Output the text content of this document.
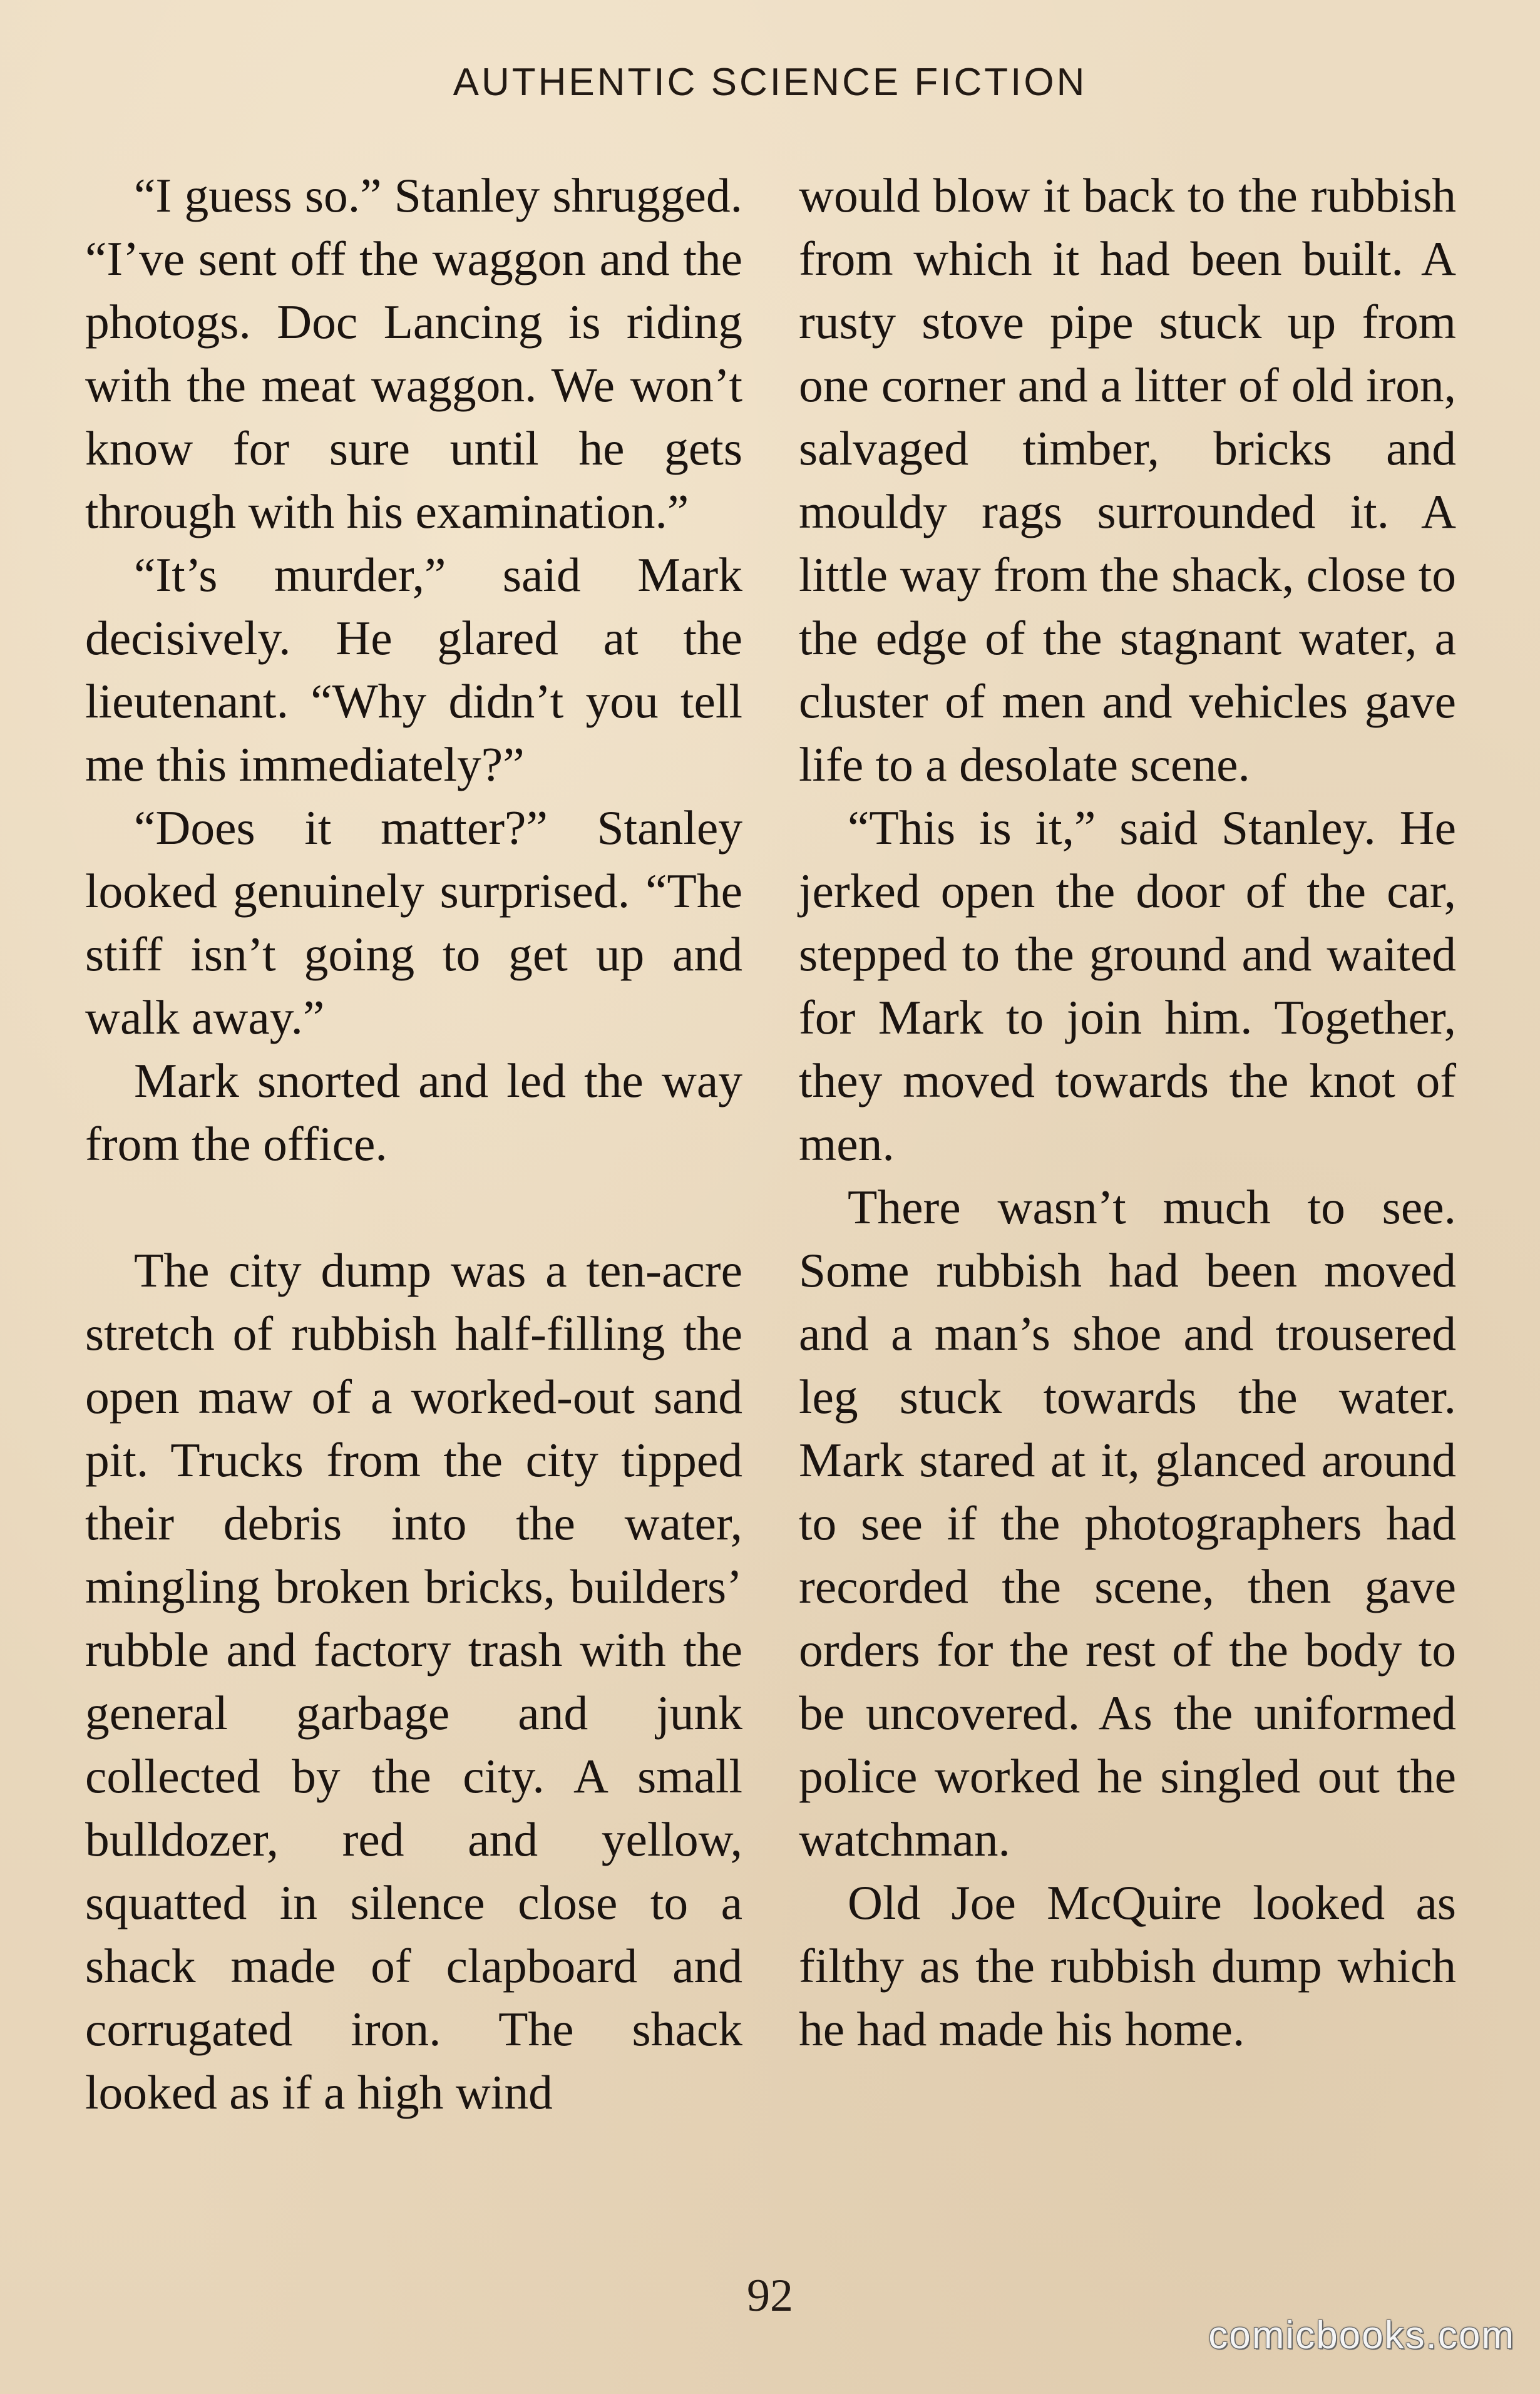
AUTHENTIC SCIENCE FICTION

“I guess so.” Stanley shrugged. “I’ve sent off the waggon and the photogs. Doc Lancing is riding with the meat waggon. We won’t know for sure until he gets through with his examination.”

“It’s murder,” said Mark decisively. He glared at the lieutenant. “Why didn’t you tell me this immediately?”

“Does it matter?” Stanley looked genuinely surprised. “The stiff isn’t going to get up and walk away.”

Mark snorted and led the way from the office.

The city dump was a ten-acre stretch of rubbish half-filling the open maw of a worked-out sand pit. Trucks from the city tipped their debris into the water, mingling broken bricks, builders’ rubble and factory trash with the general garbage and junk collected by the city. A small bulldozer, red and yellow, squatted in silence close to a shack made of clapboard and corrugated iron. The shack looked as if a high wind

would blow it back to the rubbish from which it had been built. A rusty stove pipe stuck up from one corner and a litter of old iron, salvaged timber, bricks and mouldy rags surrounded it. A little way from the shack, close to the edge of the stagnant water, a cluster of men and vehicles gave life to a desolate scene.

“This is it,” said Stanley. He jerked open the door of the car, stepped to the ground and waited for Mark to join him. Together, they moved towards the knot of men.

There wasn’t much to see. Some rubbish had been moved and a man’s shoe and trousered leg stuck towards the water. Mark stared at it, glanced around to see if the photographers had recorded the scene, then gave orders for the rest of the body to be uncovered. As the uniformed police worked he singled out the watchman.

Old Joe McQuire looked as filthy as the rubbish dump which he had made his home.

92
comicbooks.com
